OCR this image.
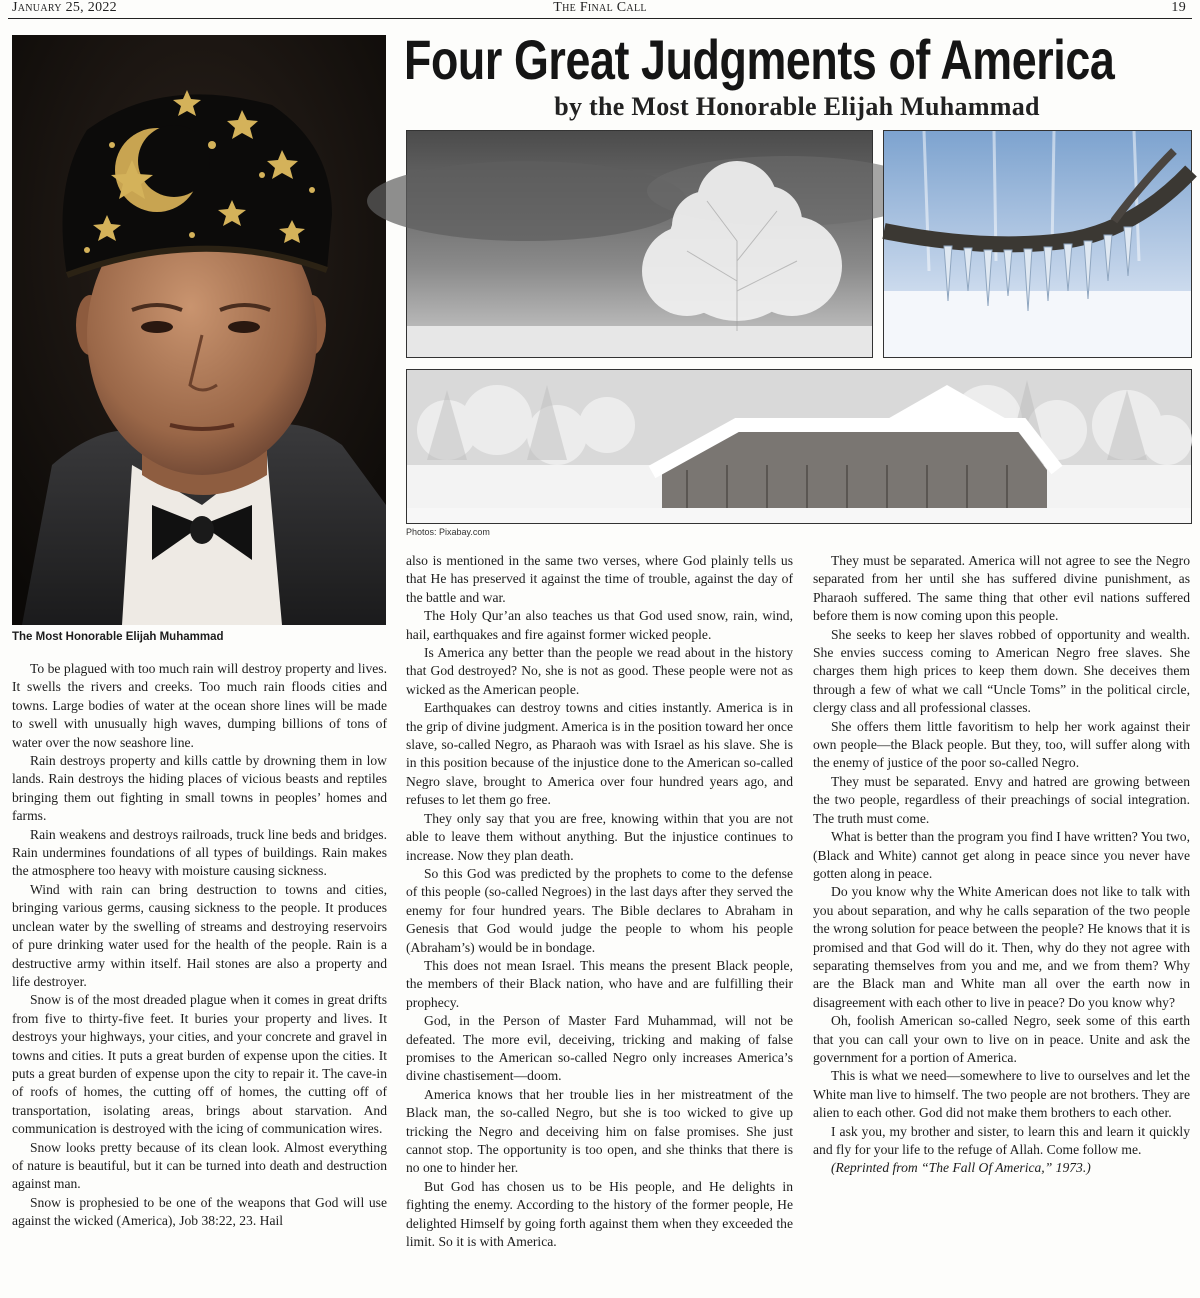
January 25, 2022	The Final Call	19
The Most Honorable Elijah Muhammad
Four Great Judgments of America
by the Most Honorable Elijah Muhammad
Photos: Pixabay.com

To be plagued with too much rain will destroy property and lives. It swells the rivers and creeks. Too much rain floods cities and towns. Large bodies of water at the ocean shore lines will be made to swell with unusually high waves, dumping billions of tons of water over the now seashore line.

Rain destroys property and kills cattle by drowning them in low lands. Rain destroys the hiding places of vicious beasts and reptiles bringing them out fighting in small towns in peoples’ homes and farms.

Rain weakens and destroys railroads, truck line beds and bridges. Rain undermines foundations of all types of buildings. Rain makes the atmosphere too heavy with moisture causing sickness.

Wind with rain can bring destruction to towns and cities, bringing various germs, causing sickness to the people. It produces unclean water by the swelling of streams and destroying reservoirs of pure drinking water used for the health of the people. Rain is a destructive army within itself. Hail stones are also a property and life destroyer.

Snow is of the most dreaded plague when it comes in great drifts from five to thirty-five feet. It buries your property and lives. It destroys your highways, your cities, and your concrete and gravel in towns and cities. It puts a great burden of expense upon the cities. It puts a great burden of expense upon the city to repair it. The cave-in of roofs of homes, the cutting off of homes, the cutting off of transportation, isolating areas, brings about starvation. And communication is destroyed with the icing of communication wires.

Snow looks pretty because of its clean look. Almost everything of nature is beautiful, but it can be turned into death and destruction against man.

Snow is prophesied to be one of the weapons that God will use against the wicked (America), Job 38:22, 23. Hail

also is mentioned in the same two verses, where God plainly tells us that He has preserved it against the time of trouble, against the day of the battle and war.

The Holy Qur’an also teaches us that God used snow, rain, wind, hail, earthquakes and fire against former wicked people.

Is America any better than the people we read about in the history that God destroyed? No, she is not as good. These people were not as wicked as the American people.

Earthquakes can destroy towns and cities instantly. America is in the grip of divine judgment. America is in the position toward her once slave, so-called Negro, as Pharaoh was with Israel as his slave. She is in this position because of the injustice done to the American so-called Negro slave, brought to America over four hundred years ago, and refuses to let them go free.

They only say that you are free, knowing within that you are not able to leave them without anything. But the injustice continues to increase. Now they plan death.

So this God was predicted by the prophets to come to the defense of this people (so-called Negroes) in the last days after they served the enemy for four hundred years. The Bible declares to Abraham in Genesis that God would judge the people to whom his people (Abraham’s) would be in bondage.

This does not mean Israel. This means the present Black people, the members of their Black nation, who have and are fulfilling their prophecy.

God, in the Person of Master Fard Muhammad, will not be defeated. The more evil, deceiving, tricking and making of false promises to the American so-called Negro only increases America’s divine chastisement—doom.

America knows that her trouble lies in her mistreatment of the Black man, the so-called Negro, but she is too wicked to give up tricking the Negro and deceiving him on false promises. She just cannot stop. The opportunity is too open, and she thinks that there is no one to hinder her.

But God has chosen us to be His people, and He delights in fighting the enemy. According to the history of the former people, He delighted Himself by going forth against them when they exceeded the limit. So it is with America.

They must be separated. America will not agree to see the Negro separated from her until she has suffered divine punishment, as Pharaoh suffered. The same thing that other evil nations suffered before them is now coming upon this people.

She seeks to keep her slaves robbed of opportunity and wealth. She envies success coming to American Negro free slaves. She charges them high prices to keep them down. She deceives them through a few of what we call “Uncle Toms” in the political circle, clergy class and all professional classes.

She offers them little favoritism to help her work against their own people—the Black people. But they, too, will suffer along with the enemy of justice of the poor so-called Negro.

They must be separated. Envy and hatred are growing between the two people, regardless of their preachings of social integration. The truth must come.

What is better than the program you find I have written? You two, (Black and White) cannot get along in peace since you never have gotten along in peace.

Do you know why the White American does not like to talk with you about separation, and why he calls separation of the two people the wrong solution for peace between the people? He knows that it is promised and that God will do it. Then, why do they not agree with separating themselves from you and me, and we from them? Why are the Black man and White man all over the earth now in disagreement with each other to live in peace? Do you know why?

Oh, foolish American so-called Negro, seek some of this earth that you can call your own to live on in peace. Unite and ask the government for a portion of America.

This is what we need—somewhere to live to ourselves and let the White man live to himself. The two people are not brothers. They are alien to each other. God did not make them brothers to each other.

I ask you, my brother and sister, to learn this and learn it quickly and fly for your life to the refuge of Allah. Come follow me.

(Reprinted from “The Fall Of America,” 1973.)
